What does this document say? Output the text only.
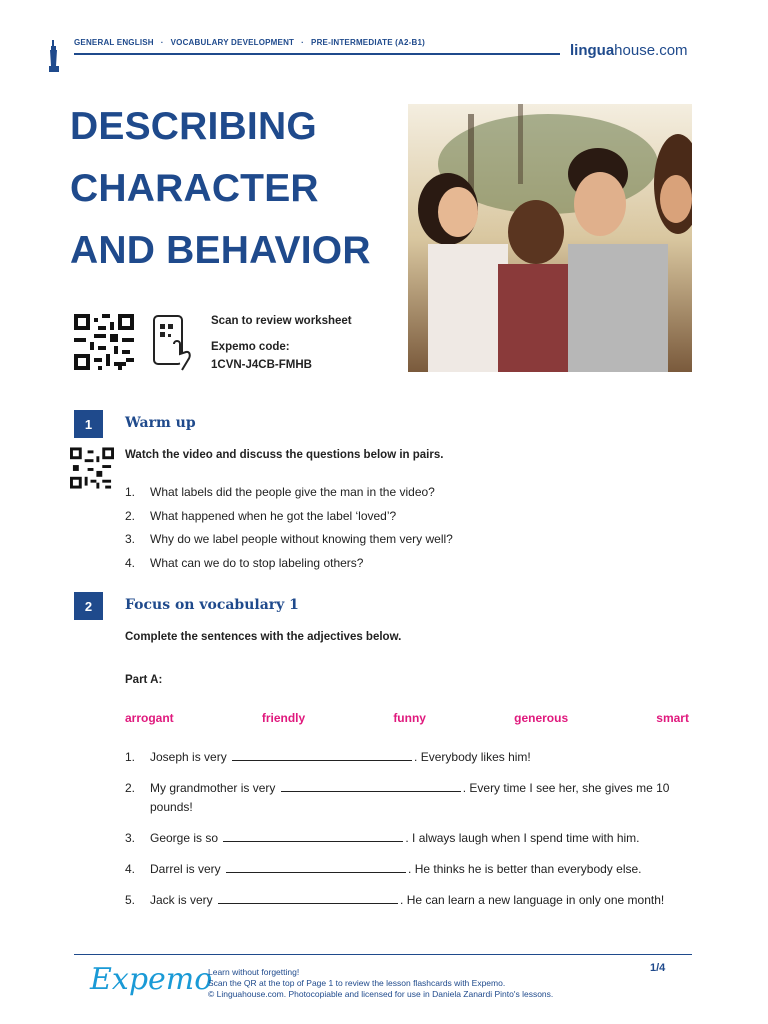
GENERAL ENGLISH · VOCABULARY DEVELOPMENT · PRE-INTERMEDIATE (A2-B1)	linguahouse.com
DESCRIBING
CHARACTER
AND BEHAVIOR
Scan to review worksheet
Expemo code:
1CVN-J4CB-FMHB
1	Warm up
Watch the video and discuss the questions below in pairs.
1.	What labels did the people give the man in the video?
2.	What happened when he got the label ‘loved’?
3.	Why do we label people without knowing them very well?
4.	What can we do to stop labeling others?
2	Focus on vocabulary 1
Complete the sentences with the adjectives below.
Part A:
arrogant	friendly	funny	generous	smart
1.	Joseph is very	. Everybody likes him!
2.	My grandmother is very	. Every time I see her, she gives me 10 pounds!
3.	George is so	. I always laugh when I spend time with him.
4.	Darrel is very	. He thinks he is better than everybody else.
5.	Jack is very	. He can learn a new language in only one month!
Expemo
Learn without forgetting!
Scan the QR at the top of Page 1 to review the lesson flashcards with Expemo.
© Linguahouse.com. Photocopiable and licensed for use in Daniela Zanardi Pinto's lessons.
1/4
